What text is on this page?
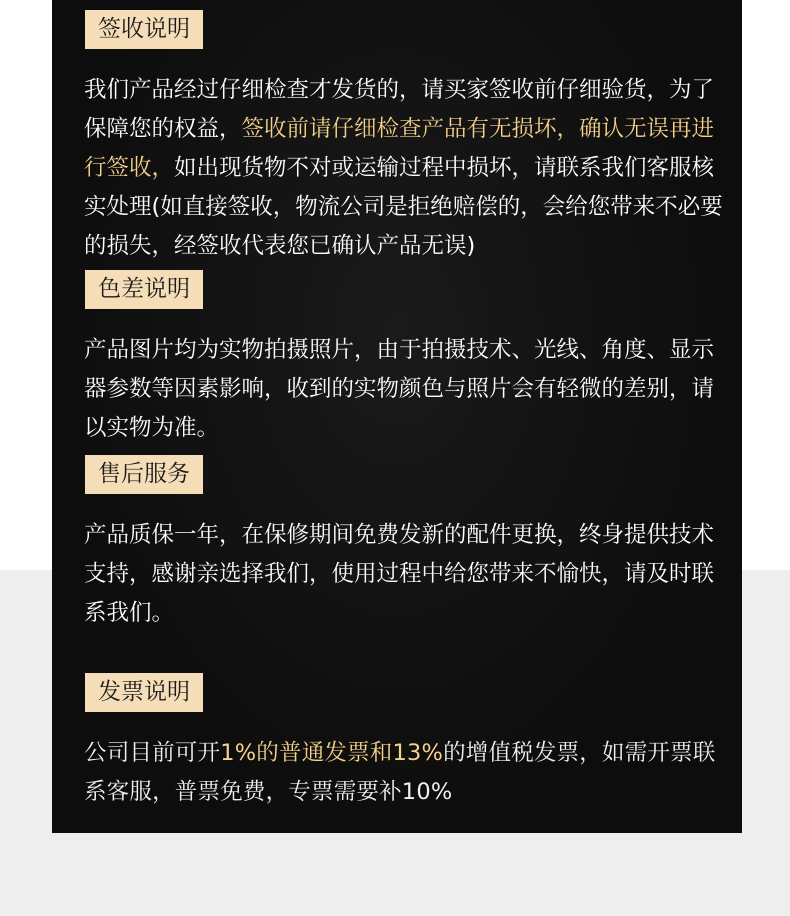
签收说明

我们产品经过仔细检查才发货的，请买家签收前仔细验货，为了保障您的权益，签收前请仔细检查产品有无损坏，确认无误再进行签收，如出现货物不对或运输过程中损坏，请联系我们客服核实处理(如直接签收，物流公司是拒绝赔偿的，会给您带来不必要的损失，经签收代表您已确认产品无误)

色差说明

产品图片均为实物拍摄照片，由于拍摄技术、光线、角度、显示器参数等因素影响，收到的实物颜色与照片会有轻微的差别，请以实物为准。

售后服务

产品质保一年，在保修期间免费发新的配件更换，终身提供技术支持，感谢亲选择我们，使用过程中给您带来不愉快，请及时联系我们。

发票说明

公司目前可开1%的普通发票和13%的增值税发票，如需开票联系客服，普票免费，专票需要补10%
